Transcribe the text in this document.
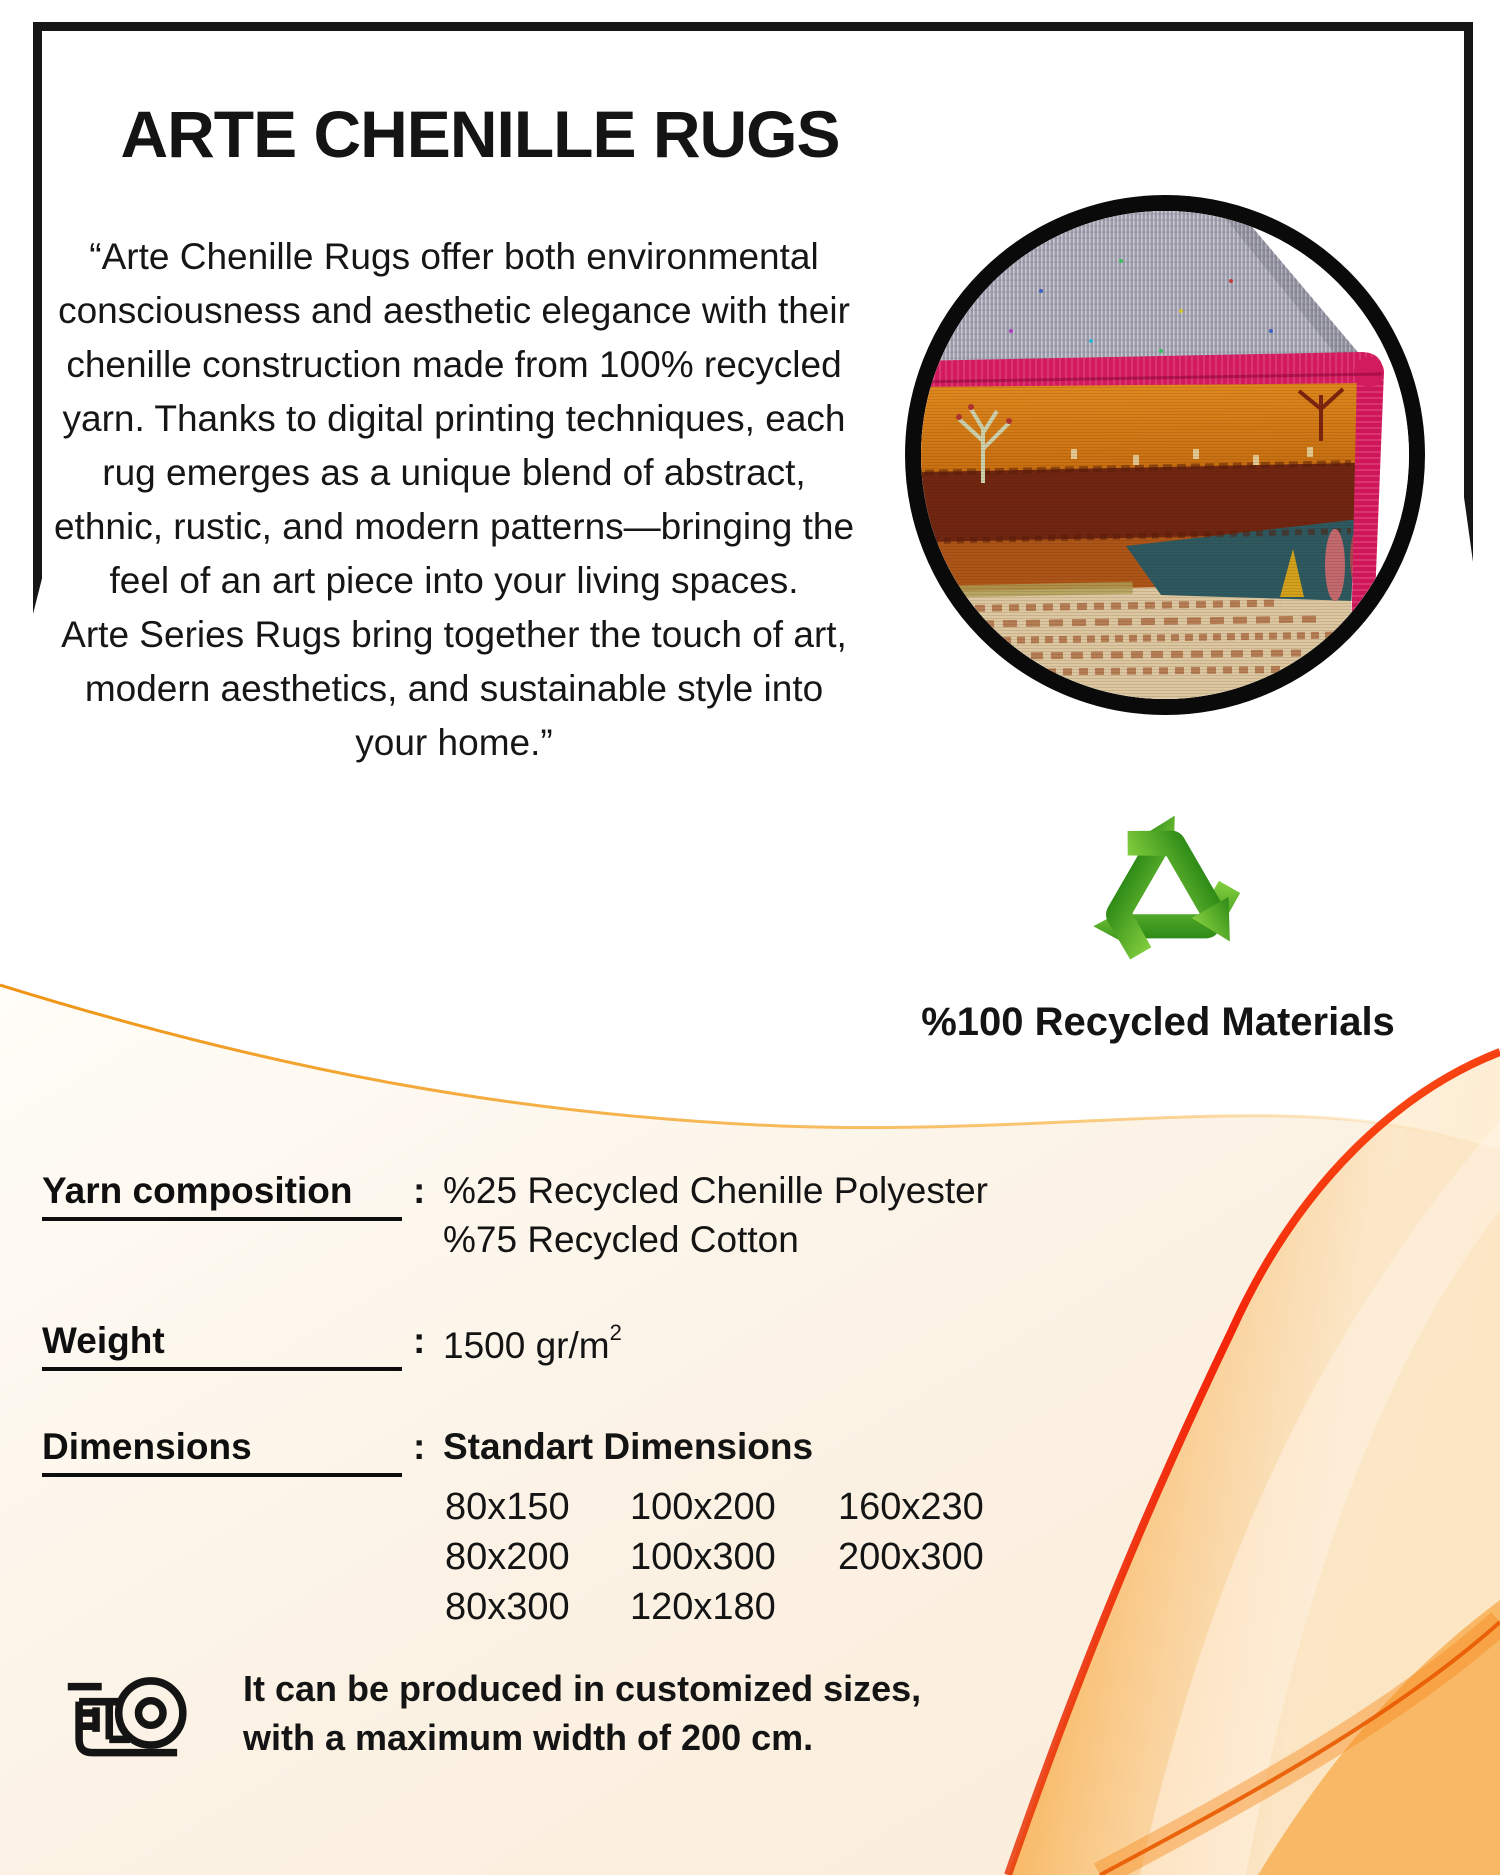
ARTE CHENILLE RUGS
“Arte Chenille Rugs offer both environmental consciousness and aesthetic elegance with their chenille construction made from 100% recycled yarn. Thanks to digital printing techniques, each rug emerges as a unique blend of abstract, ethnic, rustic, and modern patterns—bringing the feel of an art piece into your living spaces.
Arte Series Rugs bring together the touch of art, modern aesthetics, and sustainable style into your home.”
%100 Recycled Materials
Yarn composition : %25 Recycled Chenille Polyester
%75 Recycled Cotton
Weight	: 1500 $gr/m^2$
Dimensions	: Standart Dimensions
80x150	100x200	160x230
80x200	100x300	200x300
80x300	120x180
It can be produced in customized sizes,
with a maximum width of 200 cm.
